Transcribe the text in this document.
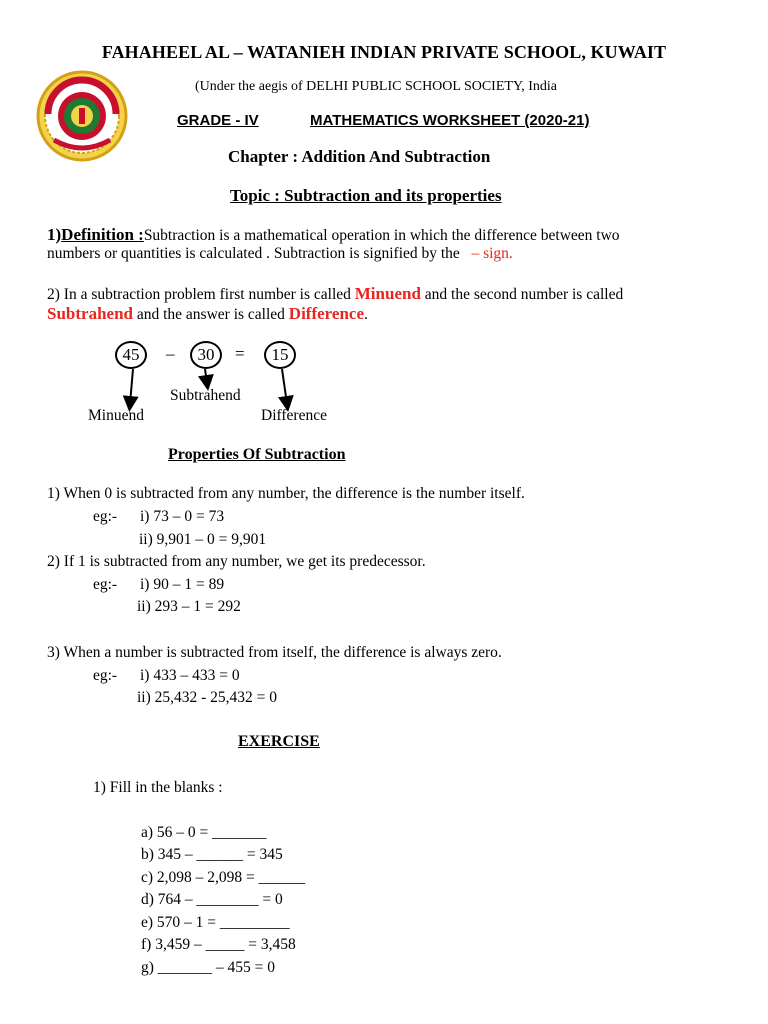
FAHAHEEL AL – WATANIEH INDIAN PRIVATE SCHOOL, KUWAIT
(Under the aegis of DELHI PUBLIC SCHOOL SOCIETY, India
GRADE - IV	MATHEMATICS WORKSHEET (2020-21)
Chapter : Addition And Subtraction
Topic : Subtraction and its properties
1)Definition :Subtraction is a mathematical operation in which the difference between two
numbers or quantities is calculated . Subtraction is signified by the – sign.
2) In a subtraction problem first number is called Minuend and the second number is called
Subtrahend and the answer is called Difference.
45	–	30	=	15
Subtrahend
Minuend	Difference
Properties Of Subtraction
1) When 0 is subtracted from any number, the difference is the number itself.
eg:- i) 73 – 0 = 73
ii) 9,901 – 0 = 9,901
2) If 1 is subtracted from any number, we get its predecessor.
eg:- i) 90 – 1 = 89
ii) 293 – 1 = 292
3) When a number is subtracted from itself, the difference is always zero.
eg:- i) 433 – 433 = 0
ii) 25,432 - 25,432 = 0
EXERCISE
1) Fill in the blanks :
a) 56 – 0 = _______
b) 345 – ______ = 345
c) 2,098 – 2,098 = ______
d) 764 – ________ = 0
e) 570 – 1 = _________
f) 3,459 – _____ = 3,458
g) _______ – 455 = 0
